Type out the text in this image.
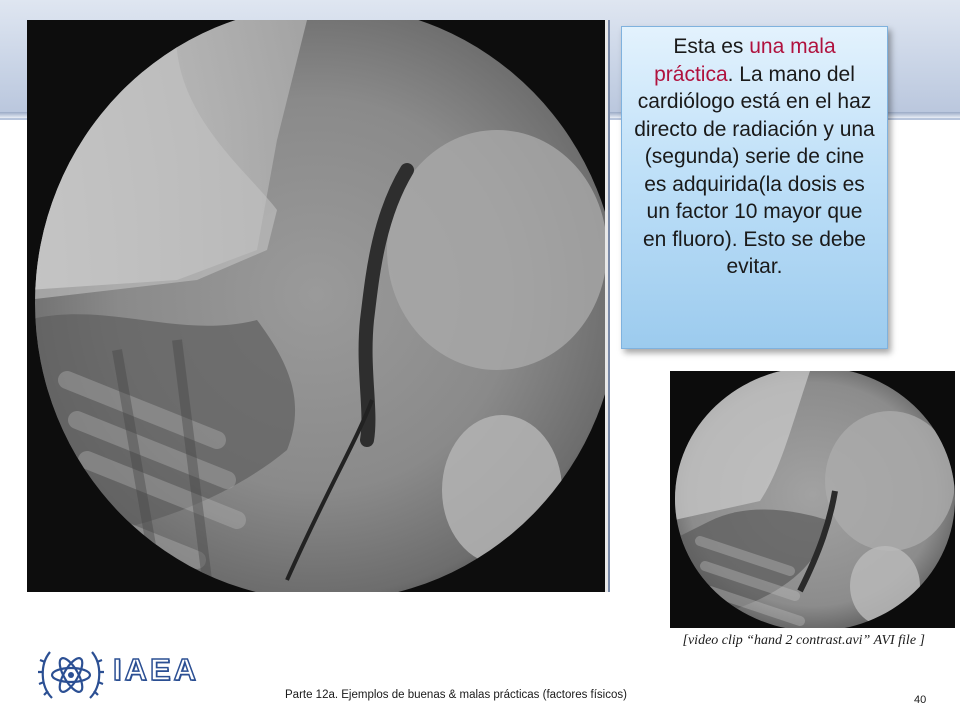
Esta es una mala práctica. La mano del cardiólogo está en el haz directo de radiación y una (segunda) serie de cine es adquirida(la dosis es un factor 10 mayor que en fluoro). Esto se debe evitar.
[video clip “hand 2 contrast.avi” AVI file ]
IAEA
Parte 12a. Ejemplos de buenas & malas prácticas (factores físicos)	40
